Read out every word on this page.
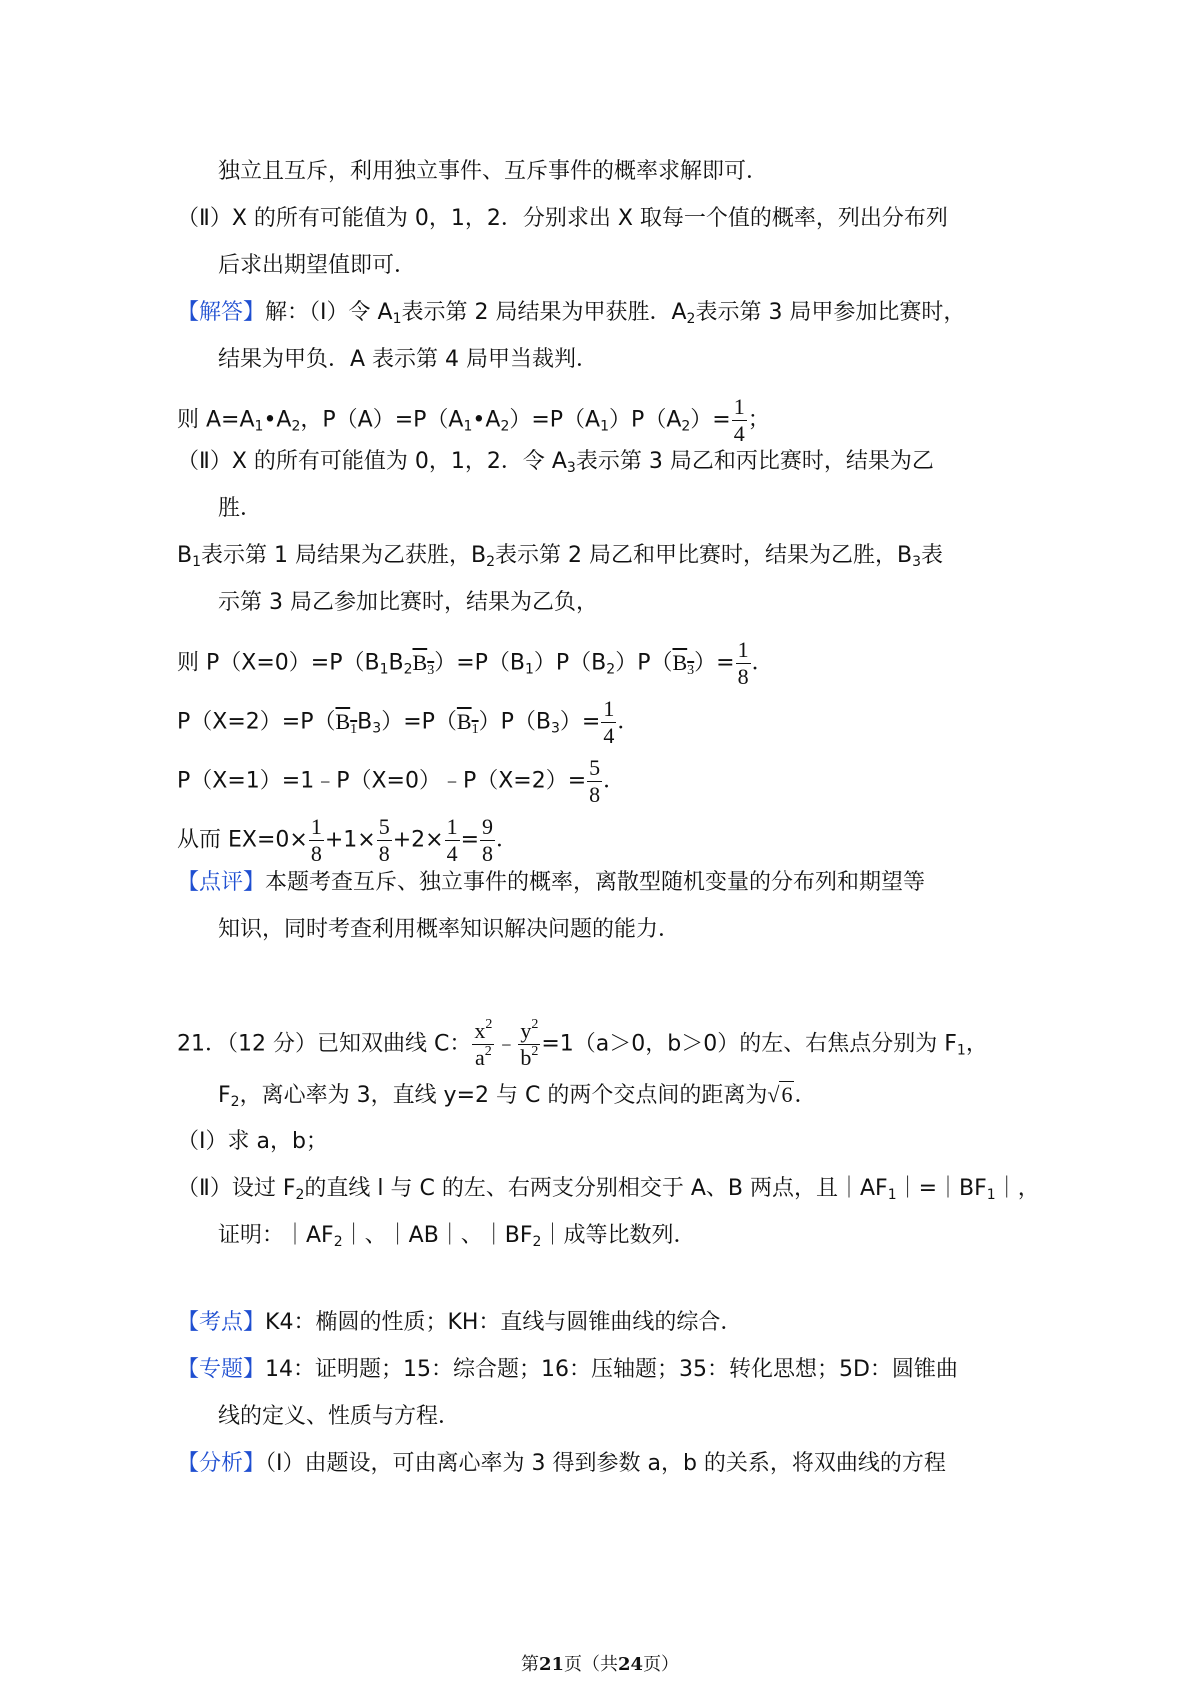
独立且互斥，利用独立事件、互斥事件的概率求解即可．
（Ⅱ）X 的所有可能值为 0，1，2．分别求出 X 取每一个值的概率，列出分布列
后求出期望值即可．
【解答】解：（Ⅰ）令 $A_1$表示第 2 局结果为甲获胜．$A_2$表示第 3 局甲参加比赛时，
结果为甲负．A 表示第 4 局甲当裁判．
则 $A=A_1•A_2$，$P(A)=P(A_1•A_2)=P(A_1)P(A_2)= \frac{1}{4}$ ；
（Ⅱ）X 的所有可能值为 0，1，2．令 $A_3$表示第 3 局乙和丙比赛时，结果为乙
胜．
$B_1$表示第 1 局结果为乙获胜，$B_2$表示第 2 局乙和甲比赛时，结果为乙胜，$B_3$表
示第 3 局乙参加比赛时，结果为乙负，
则 $P(X=0)=P(B_1B_2B_3)=P(B_1)P(B_2)P(B_3)= \frac{1}{8}$ ．
$P(X=2)=P(B_1B_3)=P(B_1)P(B_3)= \frac{1}{4}$ ．
P（X=1）=1﹣P（X=0）﹣P（X=2）= $\frac{5}{8}$ ．
从而 $EX=0\times \frac{1}{8} +1\times \frac{5}{8} +2\times \frac{1}{4} = \frac{9}{8}$ ．
【点评】本题考查互斥、独立事件的概率，离散型随机变量的分布列和期望等
知识，同时考查利用概率知识解决问题的能力．
21．（12 分）已知双曲线 C： $\frac{x^2}{a^2}$ ﹣ $\frac{y^2}{b^2} =1(a>0$，b＞0）的左、右焦点分别为 $F_1$，
$F_2$，离心率为 3，直线 y=2 与 C 的两个交点间的距离为√6．
（Ⅰ）求 a，b；
（Ⅱ）设过 $F_2$的直线 l 与 C 的左、右两支分别相交于 A、B 两点，且$|AF_1|=|BF_1|$，
证明：$|AF_2|$、｜AB｜、$|BF_2|$成等比数列．
【考点】K4：椭圆的性质；KH：直线与圆锥曲线的综合．
【专题】14：证明题；15：综合题；16：压轴题；35：转化思想；5D：圆锥曲
线的定义、性质与方程．
【分析】（Ⅰ）由题设，可由离心率为 3 得到参数 a，b 的关系，将双曲线的方程
第21页（共24页）
